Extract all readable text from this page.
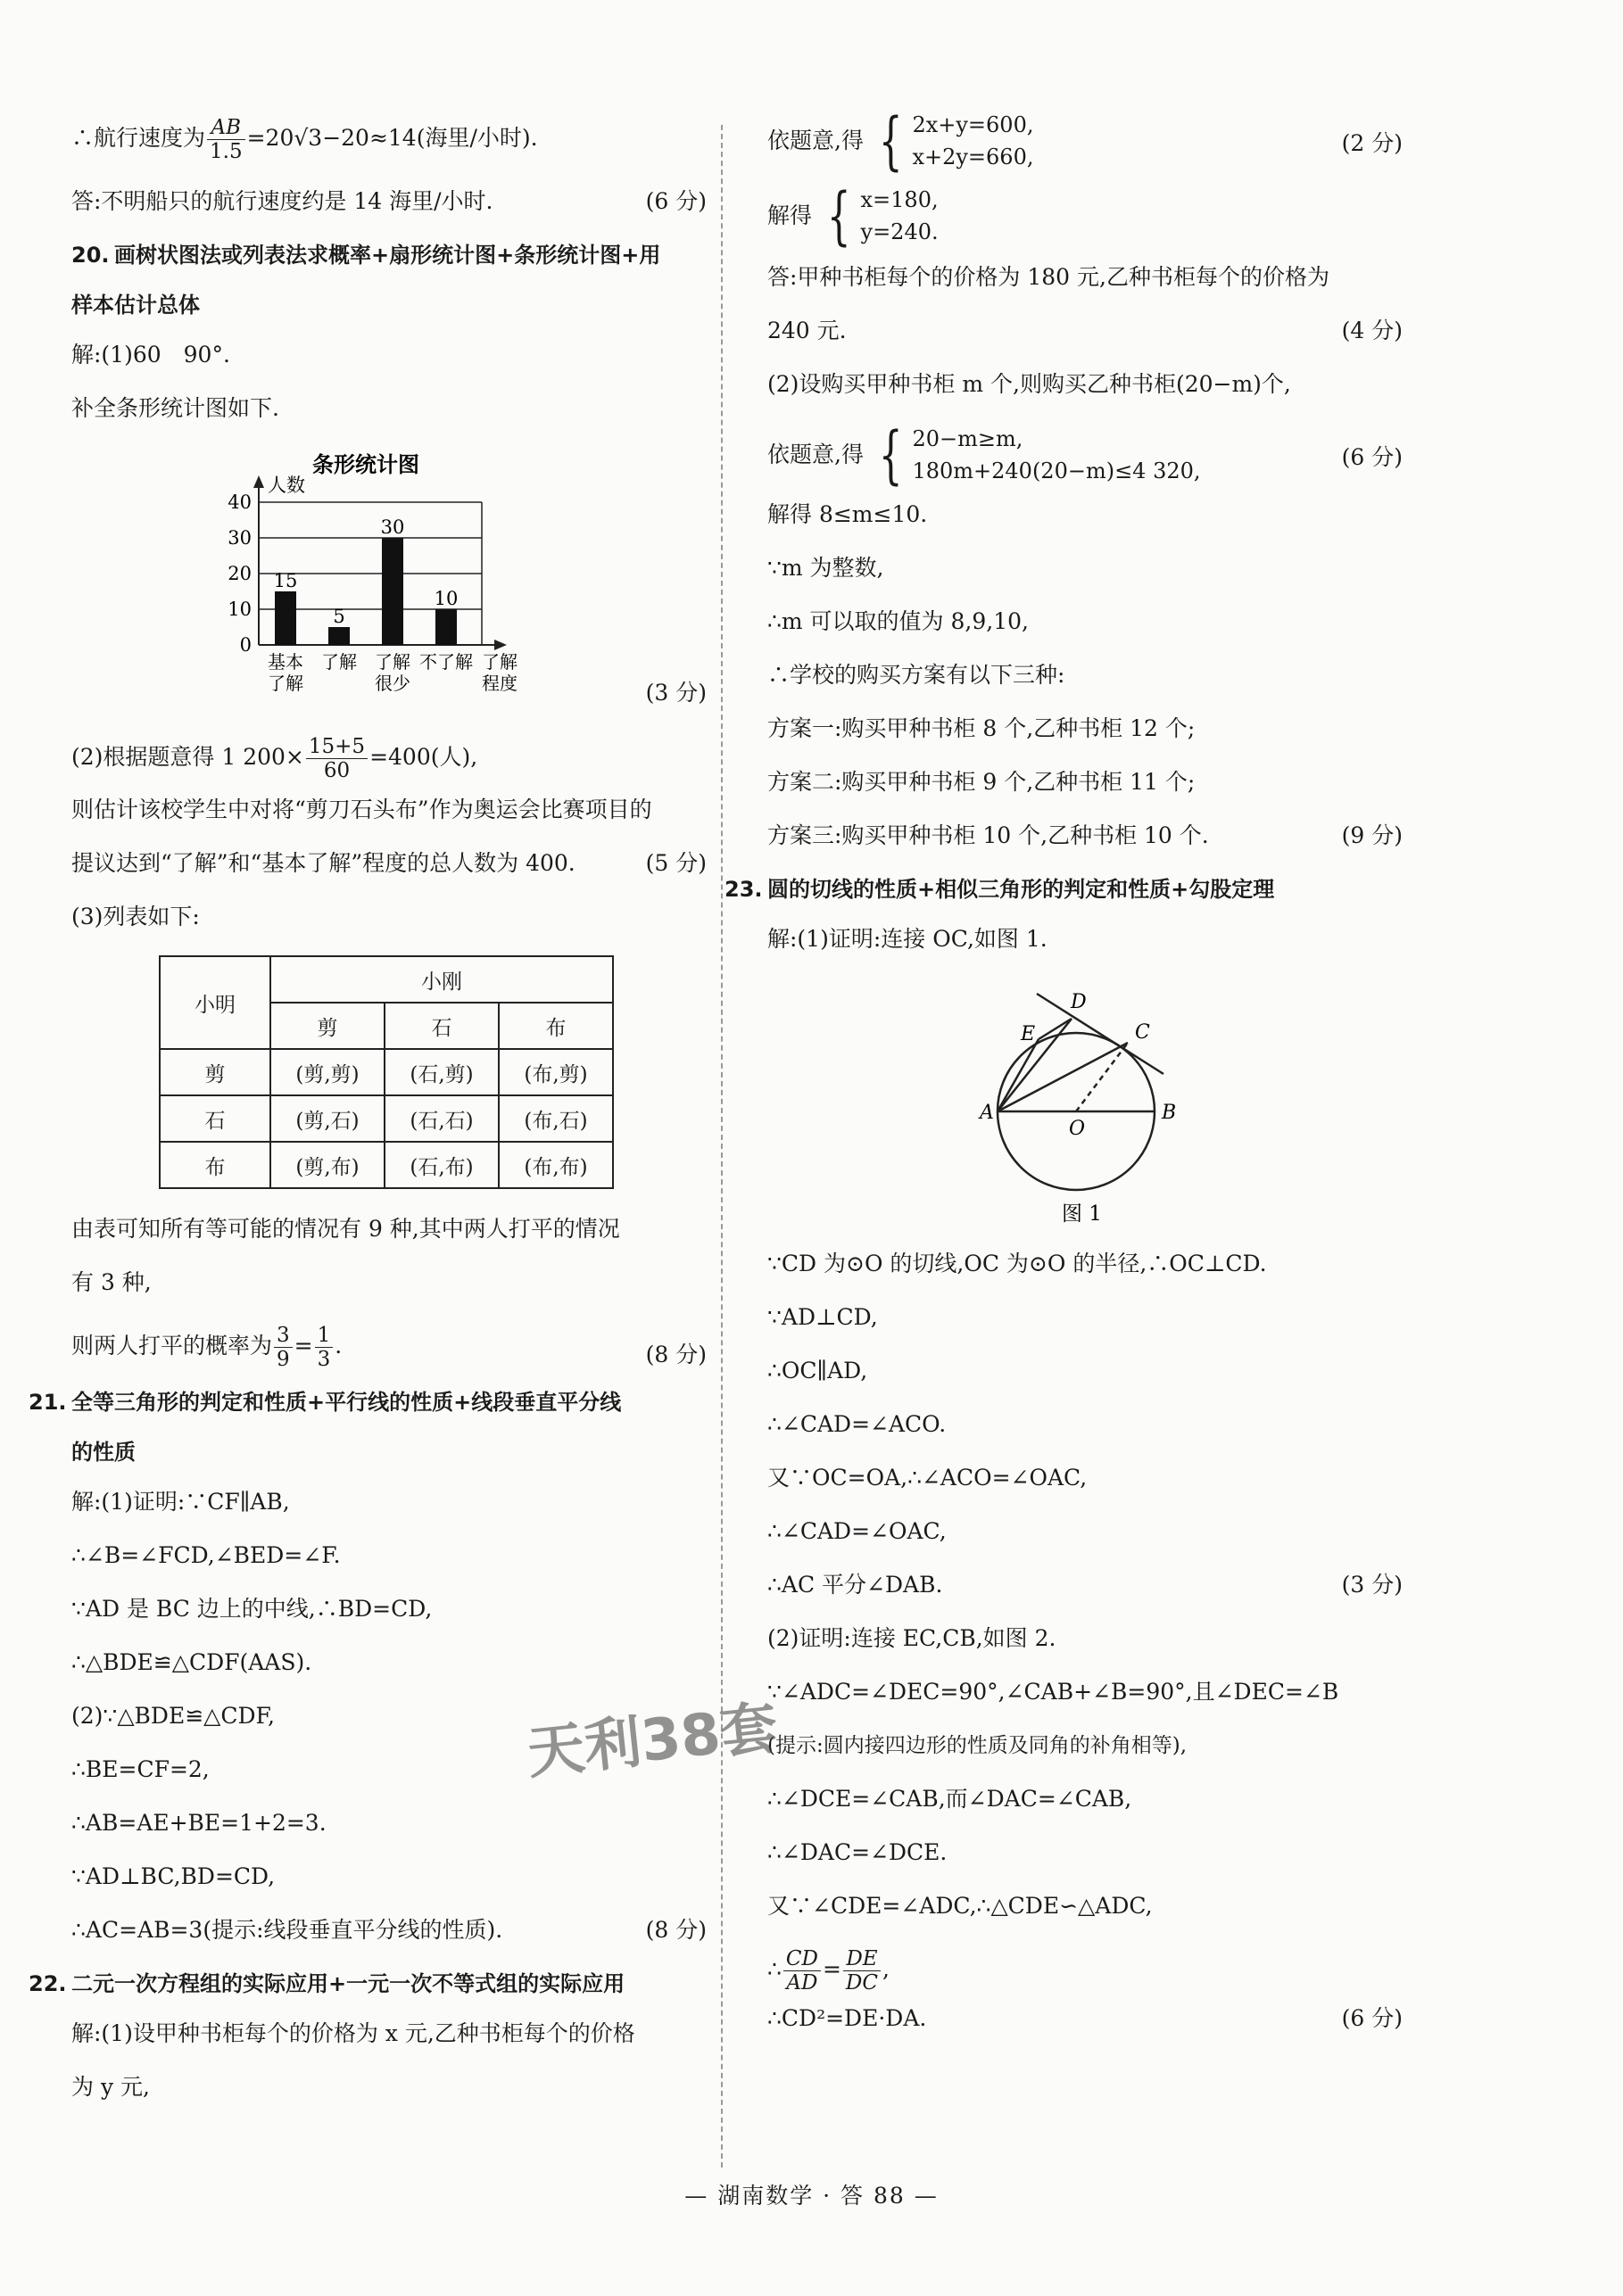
∴航行速度为 $\frac{AB}{1.5} =20√3-20\approx 14$(海里/小时).
答:不明船只的航行速度约是 14 海里/小时.	(6 分)
20. 画树状图法或列表法求概率+扇形统计图+条形统计图+用
样本估计总体
解:(1)60　90°.
补全条形统计图如下.
条形统计图
人数
0
10
20
30
40
15
5
30
10
基本
了解
了解 了解
很少
不了解 了解
程度	(3 分)
(2)根据题意得 1 $200\times \frac{15+5}{60} =400$(人),
则估计该校学生中对将“剪刀石头布”作为奥运会比赛项目的
提议达到“了解”和“基本了解”程度的总人数为 400.	(5 分)
(3)列表如下:
小明	小刚		
	剪	石	布
剪	(剪,剪)	(石,剪)	(布,剪)
石	(剪,石)	(石,石)	(布,石)
布	(剪,布)	(石,布)	(布,布)
由表可知所有等可能的情况有 9 种,其中两人打平的情况
有 3 种,
则两人打平的概率为 $\frac{3}{9} = \frac{1}{3}$ .	(8 分)
21. 全等三角形的判定和性质+平行线的性质+线段垂直平分线
的性质
解:(1)证明:∵CF∥AB,
∴∠B=∠FCD,∠BED=∠F.
∵AD 是 BC 边上的中线,∴BD=CD,
∴△BDE≌△CDF(AAS).
(2)∵△BDE≌△CDF,
∴BE=CF=2,
∴AB=AE+BE=1+2=3.
∵AD⊥BC,BD=CD,
∴AC=AB=3(提示:线段垂直平分线的性质).	(8 分)
22. 二元一次方程组的实际应用+一元一次不等式组的实际应用
解:(1)设甲种书柜每个的价格为 x 元,乙种书柜每个的价格
为 y 元,
依题意,得 { 2x+y=600,
x+2y=660,
(2 分)
解得 { x=180,
y=240.
答:甲种书柜每个的价格为 180 元,乙种书柜每个的价格为
240 元.	(4 分)
(2)设购买甲种书柜 m 个,则购买乙种书柜(20−m)个,
依题意,得 { 20−m≥m,
180m+240(20−m)≤4 320,
(6 分)
解得 8≤m≤10.
∵m 为整数,
∴m 可以取的值为 8,9,10,
∴学校的购买方案有以下三种:
方案一:购买甲种书柜 8 个,乙种书柜 12 个;
方案二:购买甲种书柜 9 个,乙种书柜 11 个;
方案三:购买甲种书柜 10 个,乙种书柜 10 个.	(9 分)
23. 圆的切线的性质+相似三角形的判定和性质+勾股定理
解:(1)证明:连接 OC,如图 1.
D
E	C
A
O
B
图 1
∵CD 为⊙O 的切线,OC 为⊙O 的半径,∴OC⊥CD.
∵AD⊥CD,
∴OC∥AD,
∴∠CAD=∠ACO.
又∵OC=OA,∴∠ACO=∠OAC,
∴∠CAD=∠OAC,
∴AC 平分∠DAB.	(3 分)
(2)证明:连接 EC,CB,如图 2.
∵∠ADC=∠DEC=90°,∠CAB+∠B=90°,且∠DEC=∠B
(提示:圆内接四边形的性质及同角的补角相等),
∴∠DCE=∠CAB,而∠DAC=∠CAB,
∴∠DAC=∠DCE.
又∵∠CDE=∠ADC,∴△CDE∽△ADC,
∴ $\frac{CD}{AD} = \frac{DE}{DC}$ ,
∴CD²=DE·DA.	(6 分)
天利38套
— 湖南数学 · 答 88 —
